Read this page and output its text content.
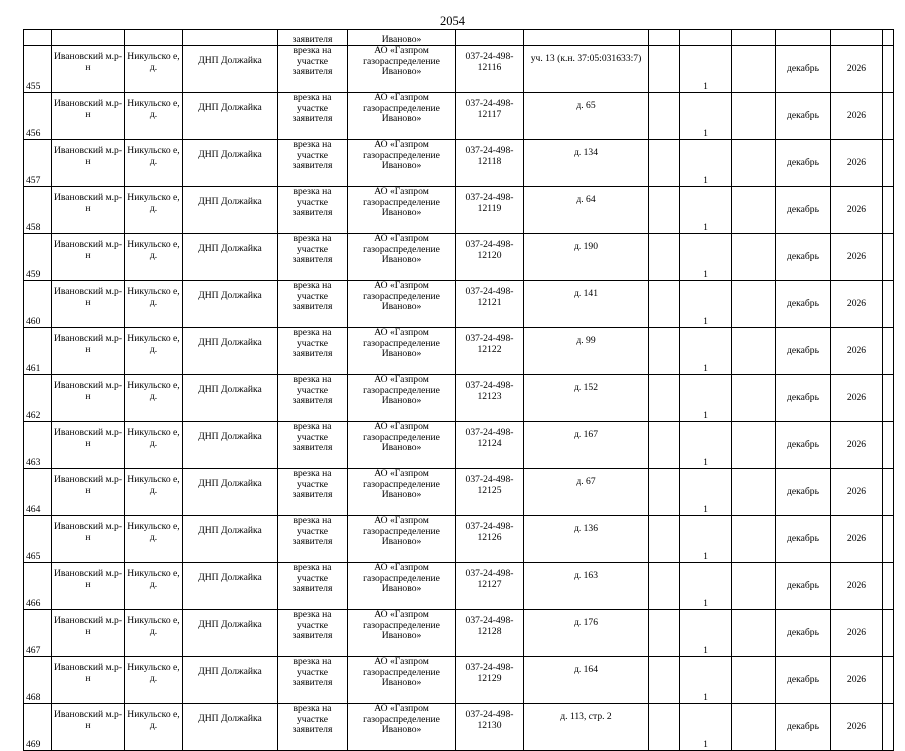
2054
				заявителя	Иваново»								
455	Ивановский м.р-н	Никульско е, д.	ДНП Должайка	врезка на участке заявителя	АО «Газпром газораспределение Иваново»	037-24-498-12116	уч. 13 (к.н. 37:05:031633:7)		1		декабрь	2026	
456	Ивановский м.р-н	Никульско е, д.	ДНП Должайка	врезка на участке заявителя	АО «Газпром газораспределение Иваново»	037-24-498-12117	д. 65		1		декабрь	2026	
457	Ивановский м.р-н	Никульско е, д.	ДНП Должайка	врезка на участке заявителя	АО «Газпром газораспределение Иваново»	037-24-498-12118	д. 134		1		декабрь	2026	
458	Ивановский м.р-н	Никульско е, д.	ДНП Должайка	врезка на участке заявителя	АО «Газпром газораспределение Иваново»	037-24-498-12119	д. 64		1		декабрь	2026	
459	Ивановский м.р-н	Никульско е, д.	ДНП Должайка	врезка на участке заявителя	АО «Газпром газораспределение Иваново»	037-24-498-12120	д. 190		1		декабрь	2026	
460	Ивановский м.р-н	Никульско е, д.	ДНП Должайка	врезка на участке заявителя	АО «Газпром газораспределение Иваново»	037-24-498-12121	д. 141		1		декабрь	2026	
461	Ивановский м.р-н	Никульско е, д.	ДНП Должайка	врезка на участке заявителя	АО «Газпром газораспределение Иваново»	037-24-498-12122	д. 99		1		декабрь	2026	
462	Ивановский м.р-н	Никульско е, д.	ДНП Должайка	врезка на участке заявителя	АО «Газпром газораспределение Иваново»	037-24-498-12123	д. 152		1		декабрь	2026	
463	Ивановский м.р-н	Никульско е, д.	ДНП Должайка	врезка на участке заявителя	АО «Газпром газораспределение Иваново»	037-24-498-12124	д. 167		1		декабрь	2026	
464	Ивановский м.р-н	Никульско е, д.	ДНП Должайка	врезка на участке заявителя	АО «Газпром газораспределение Иваново»	037-24-498-12125	д. 67		1		декабрь	2026	
465	Ивановский м.р-н	Никульско е, д.	ДНП Должайка	врезка на участке заявителя	АО «Газпром газораспределение Иваново»	037-24-498-12126	д. 136		1		декабрь	2026	
466	Ивановский м.р-н	Никульско е, д.	ДНП Должайка	врезка на участке заявителя	АО «Газпром газораспределение Иваново»	037-24-498-12127	д. 163		1		декабрь	2026	
467	Ивановский м.р-н	Никульско е, д.	ДНП Должайка	врезка на участке заявителя	АО «Газпром газораспределение Иваново»	037-24-498-12128	д. 176		1		декабрь	2026	
468	Ивановский м.р-н	Никульско е, д.	ДНП Должайка	врезка на участке заявителя	АО «Газпром газораспределение Иваново»	037-24-498-12129	д. 164		1		декабрь	2026	
469	Ивановский м.р-н	Никульско е, д.	ДНП Должайка	врезка на участке заявителя	АО «Газпром газораспределение Иваново»	037-24-498-12130	д. 113, стр. 2		1		декабрь	2026	
